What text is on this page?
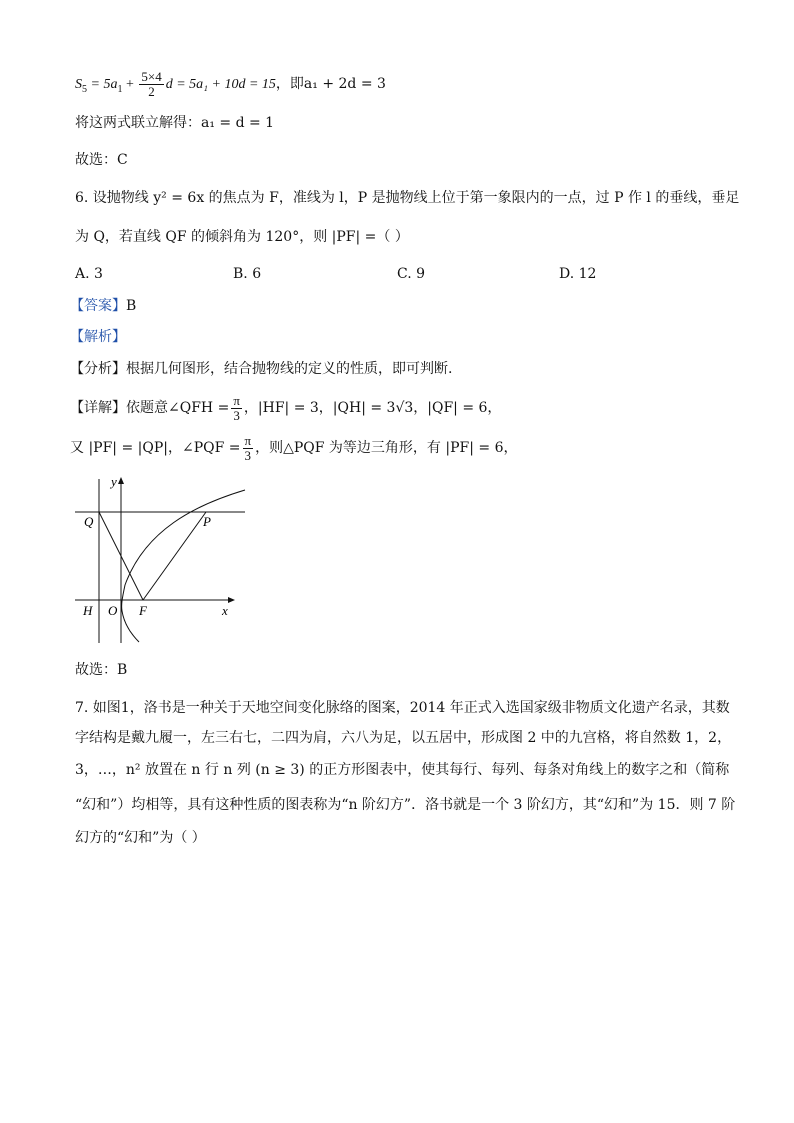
$S_5 = 5a_1 + \frac{5\times 4}{2}$ d = 5a₁ + 10d = 15，即a₁ + 2d = 3
将这两式联立解得：a₁ = d = 1
故选：C
6. 设抛物线 y² = 6x 的焦点为 F，准线为 l，P 是抛物线上位于第一象限内的一点，过 P 作 l 的垂线，垂足
为 Q，若直线 QF 的倾斜角为 120°，则 |PF| =（ ）
A. 3	B. 6	C. 9	D. 12
【答案】B
【解析】
【分析】根据几何图形，结合抛物线的定义的性质，即可判断.
【详解】依题意∠QFH = $\frac{\pi}{3}$ ，|HF| = 3，|QH| = 3√3，|QF| = 6，
又 |PF| = |QP|，∠PQF = $\frac{\pi}{3}$ ，则△PQF 为等边三角形，有 |PF| = 6，
y
Q	P
H O F	x
故选：B
7. 如图1，洛书是一种关于天地空间变化脉络的图案，2014 年正式入选国家级非物质文化遗产名录，其数
字结构是戴九履一，左三右七，二四为肩，六八为足，以五居中，形成图 2 中的九宫格，将自然数 1，2，
3，…，n² 放置在 n 行 n 列 (n ≥ 3) 的正方形图表中，使其每行、每列、每条对角线上的数字之和（简称
“幻和”）均相等，具有这种性质的图表称为“n 阶幻方”．洛书就是一个 3 阶幻方，其“幻和”为 15．则 7 阶
幻方的“幻和”为（ ）
